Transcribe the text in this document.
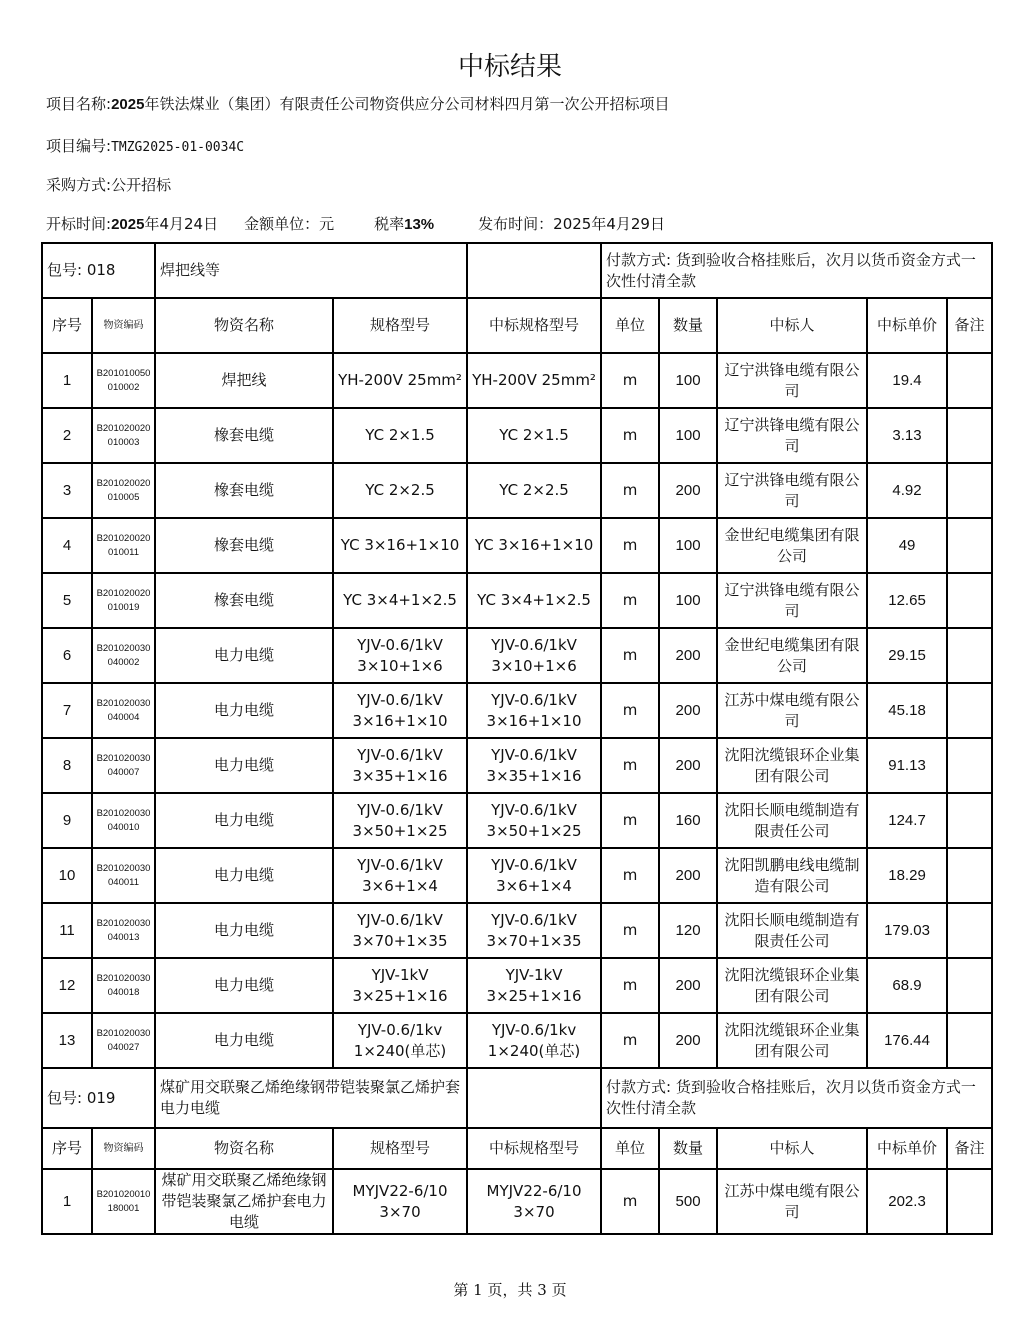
中标结果
项目名称:2025年铁法煤业（集团）有限责任公司物资供应分公司材料四月第一次公开招标项目
项目编号:TMZG2025-01-0034C
采购方式:公开招标
开标时间:2025年4月24日 金额单位：元	税率13%	发布时间：2025年4月29日
包号: 018		焊把线等			付款方式: 货到验收合格挂账后，次月以货币资金方式一次性付清全款				
序号	物资编码	物资名称	规格型号	中标规格型号	单位	数量	中标人	中标单价	备注
1	B201010050 010002	焊把线	YH-200V 25mm²	YH-200V 25mm²	m	100	辽宁洪锋电缆有限公司	19.4	
2	B201020020 010003	橡套电缆	YC 2×1.5	YC 2×1.5	m	100	辽宁洪锋电缆有限公司	3.13	
3	B201020020 010005	橡套电缆	YC 2×2.5	YC 2×2.5	m	200	辽宁洪锋电缆有限公司	4.92	
4	B201020020 010011	橡套电缆	YC 3×16+1×10	YC 3×16+1×10	m	100	金世纪电缆集团有限公司	49	
5	B201020020 010019	橡套电缆	YC 3×4+1×2.5	YC 3×4+1×2.5	m	100	辽宁洪锋电缆有限公司	12.65	
6	B201020030 040002	电力电缆	YJV-0.6/1kV 3×10+1×6	YJV-0.6/1kV 3×10+1×6	m	200	金世纪电缆集团有限公司	29.15	
7	B201020030 040004	电力电缆	YJV-0.6/1kV 3×16+1×10	YJV-0.6/1kV 3×16+1×10	m	200	江苏中煤电缆有限公司	45.18	
8	B201020030 040007	电力电缆	YJV-0.6/1kV 3×35+1×16	YJV-0.6/1kV 3×35+1×16	m	200	沈阳沈缆银环企业集团有限公司	91.13	
9	B201020030 040010	电力电缆	YJV-0.6/1kV 3×50+1×25	YJV-0.6/1kV 3×50+1×25	m	160	沈阳长顺电缆制造有限责任公司	124.7	
10	B201020030 040011	电力电缆	YJV-0.6/1kV 3×6+1×4	YJV-0.6/1kV 3×6+1×4	m	200	沈阳凯鹏电线电缆制造有限公司	18.29	
11	B201020030 040013	电力电缆	YJV-0.6/1kV 3×70+1×35	YJV-0.6/1kV 3×70+1×35	m	120	沈阳长顺电缆制造有限责任公司	179.03	
12	B201020030 040018	电力电缆	YJV-1kV 3×25+1×16	YJV-1kV 3×25+1×16	m	200	沈阳沈缆银环企业集团有限公司	68.9	
13	B201020030 040027	电力电缆	YJV-0.6/1kv 1×240(单芯)	YJV-0.6/1kv 1×240(单芯)	m	200	沈阳沈缆银环企业集团有限公司	176.44	
包号: 019		煤矿用交联聚乙烯绝缘钢带铠装聚氯乙烯护套电力电缆			付款方式: 货到验收合格挂账后，次月以货币资金方式一次性付清全款				
序号	物资编码	物资名称	规格型号	中标规格型号	单位	数量	中标人	中标单价	备注
1	B201020010 180001	煤矿用交联聚乙烯绝缘钢带铠装聚氯乙烯护套电力电缆	MYJV22-6/10 3×70	MYJV22-6/10 3×70	m	500	江苏中煤电缆有限公司	202.3	
第 1 页，共 3 页
